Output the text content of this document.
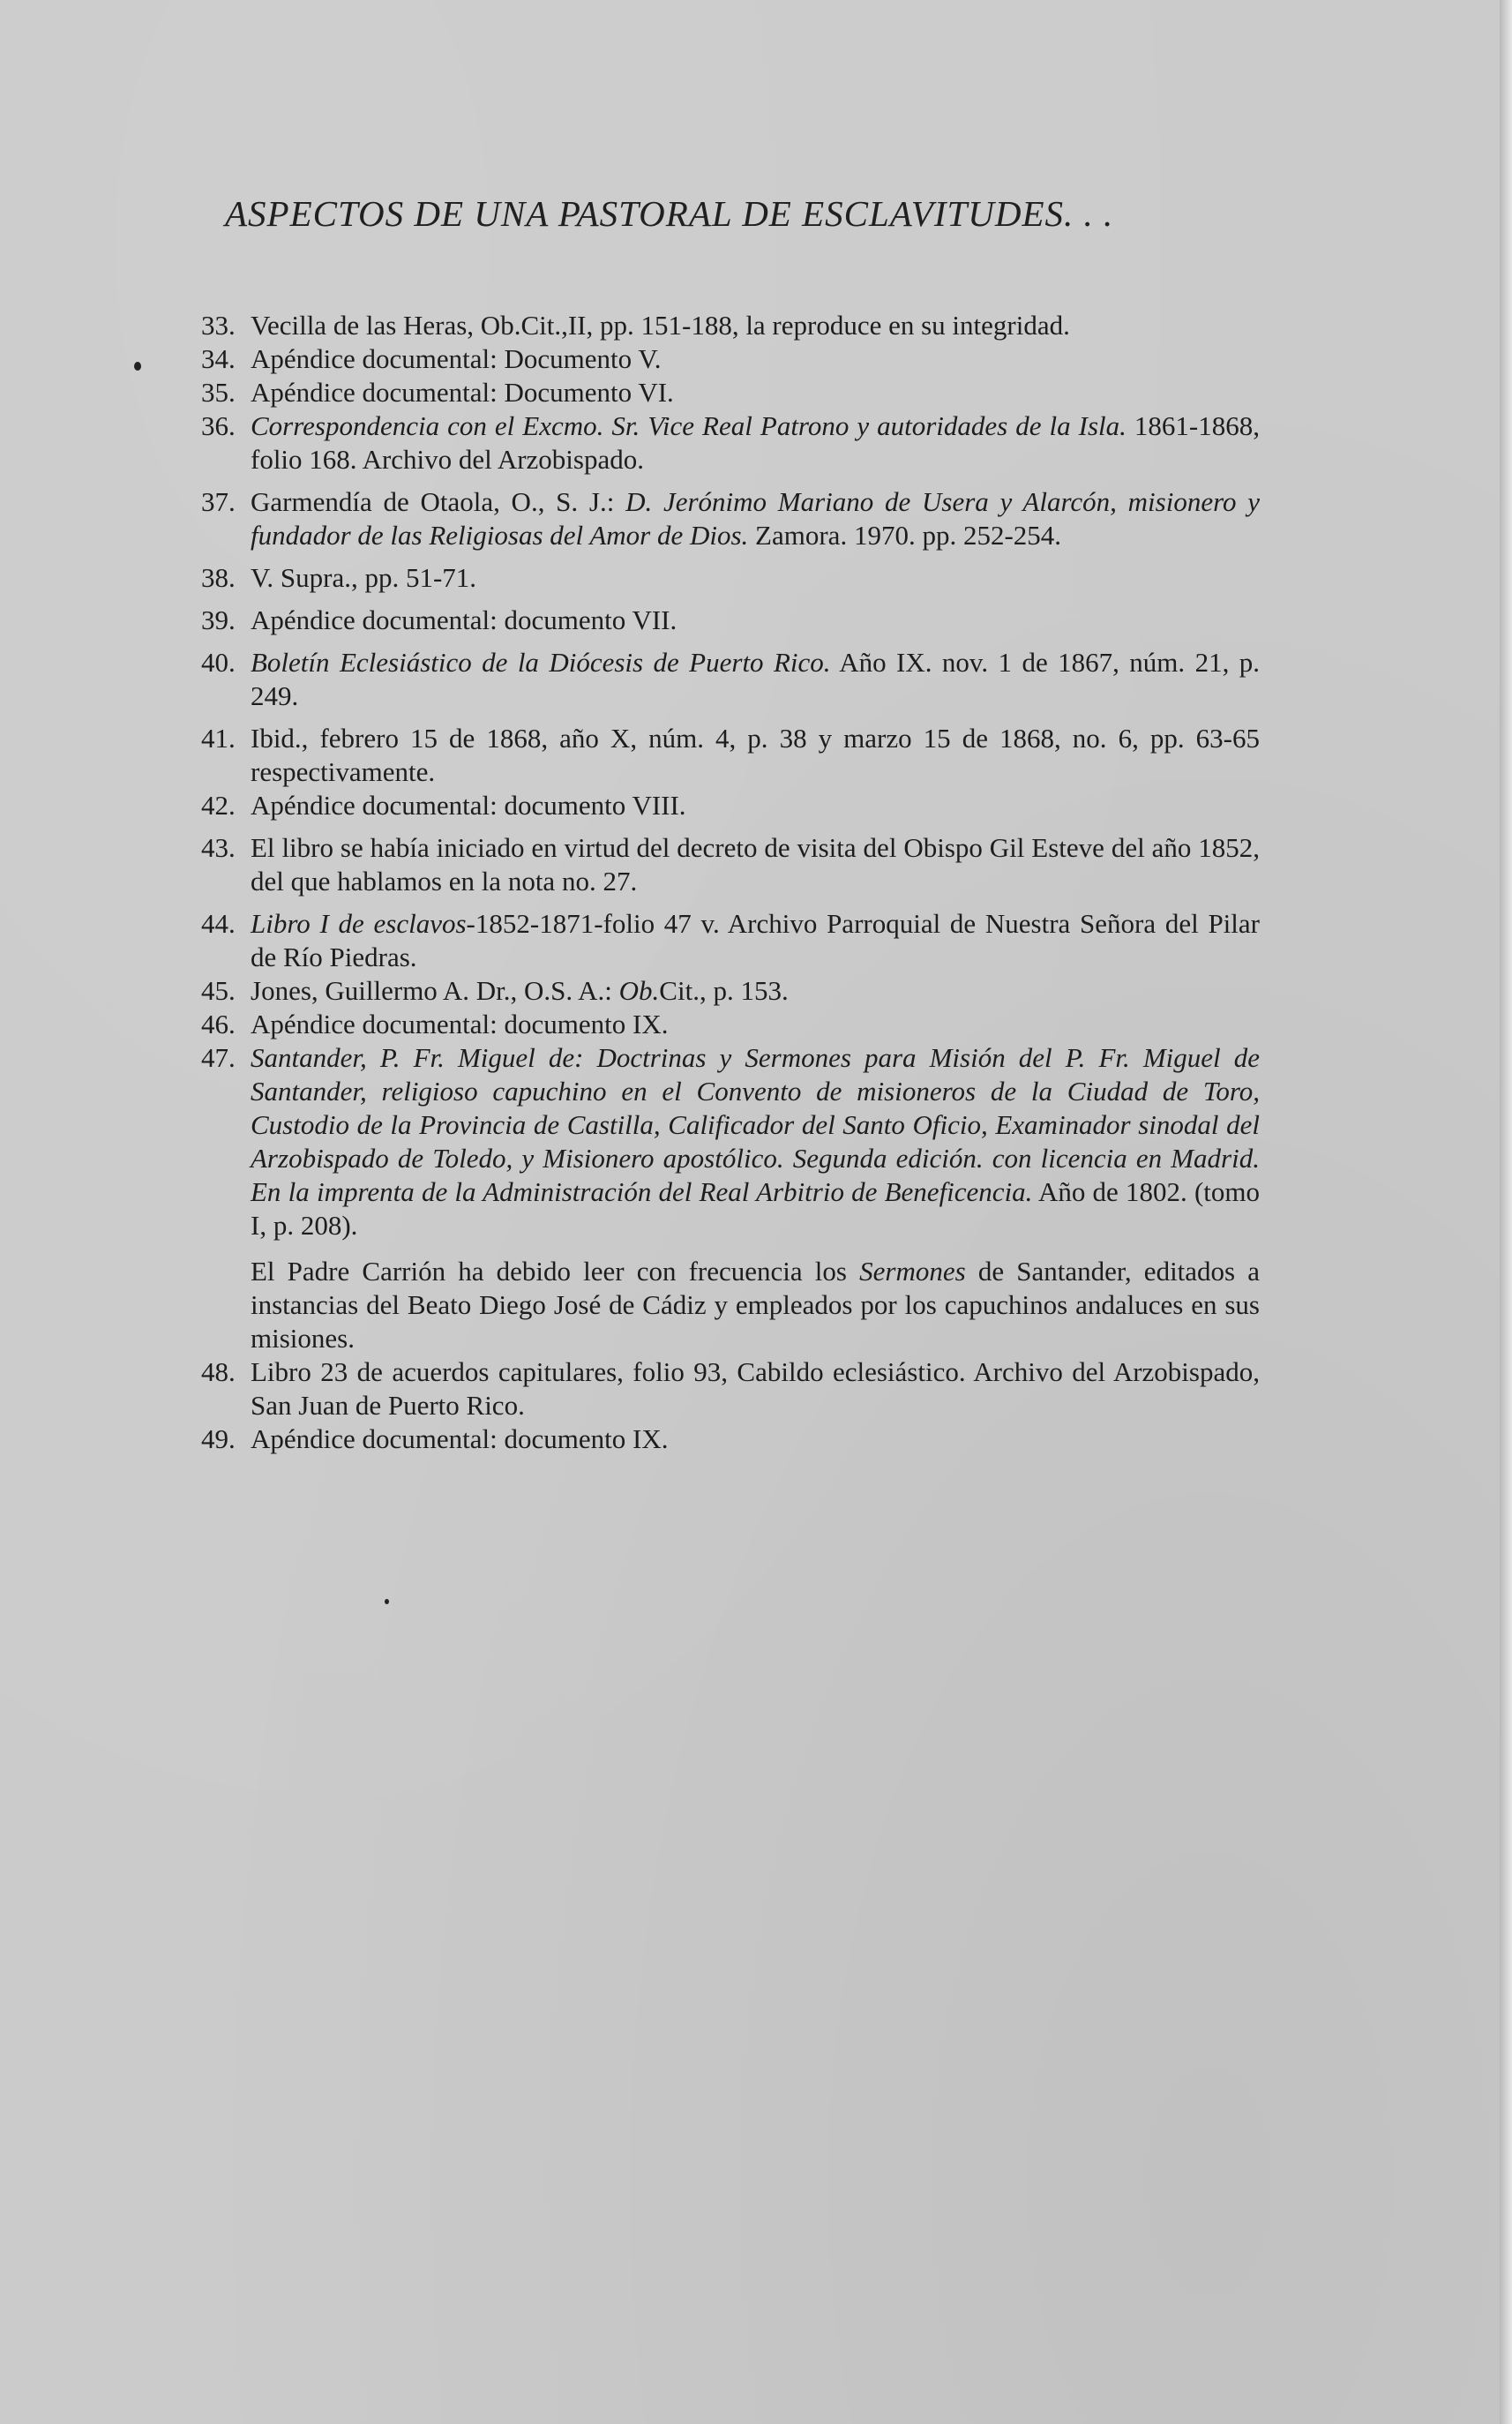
ASPECTOS DE UNA PASTORAL DE ESCLAVITUDES. . .
33. Vecilla de las Heras, Ob.Cit.,II, pp. 151-188, la reproduce en su integridad.
34. Apéndice documental: Documento V.
35. Apéndice documental: Documento VI.
36. Correspondencia con el Excmo. Sr. Vice Real Patrono y autoridades de la Isla. 1861-1868, folio 168. Archivo del Arzobispado.
37. Garmendía de Otaola, O., S. J.: D. Jerónimo Mariano de Usera y Alarcón, misionero y fundador de las Religiosas del Amor de Dios. Zamora. 1970. pp. 252-254.
38. V. Supra., pp. 51-71.
39. Apéndice documental: documento VII.
40. Boletín Eclesiástico de la Diócesis de Puerto Rico. Año IX. nov. 1 de 1867, núm. 21, p. 249.
41. Ibid., febrero 15 de 1868, año X, núm. 4, p. 38 y marzo 15 de 1868, no. 6, pp. 63-65 respectivamente.
42. Apéndice documental: documento VIII.
43. El libro se había iniciado en virtud del decreto de visita del Obispo Gil Esteve del año 1852, del que hablamos en la nota no. 27.
44. Libro I de esclavos-1852-1871-folio 47 v. Archivo Parroquial de Nuestra Señora del Pilar de Río Piedras.
45. Jones, Guillermo A. Dr., O.S. A.: Ob.Cit., p. 153.
46. Apéndice documental: documento IX.
47. Santander, P. Fr. Miguel de: Doctrinas y Sermones para Misión del P. Fr. Miguel de Santander, religioso capuchino en el Convento de misioneros de la Ciudad de Toro, Custodio de la Provincia de Castilla, Calificador del Santo Oficio, Examinador sinodal del Arzobispado de Toledo, y Misionero apostólico. Segunda edición. con licencia en Madrid. En la imprenta de la Administración del Real Arbitrio de Beneficencia. Año de 1802. (tomo I, p. 208).
El Padre Carrión ha debido leer con frecuencia los Sermones de Santander, editados a instancias del Beato Diego José de Cádiz y empleados por los capuchinos andaluces en sus misiones.
48. Libro 23 de acuerdos capitulares, folio 93, Cabildo eclesiástico. Archivo del Arzobispado, San Juan de Puerto Rico.
49. Apéndice documental: documento IX.
